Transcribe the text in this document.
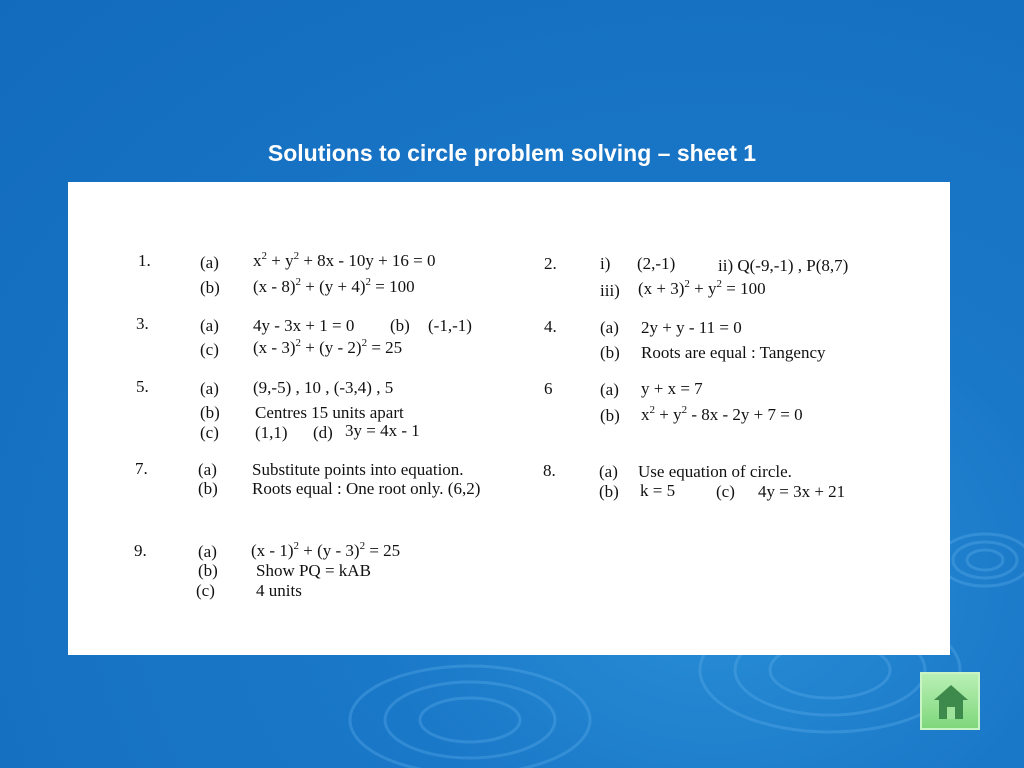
Solutions to circle problem solving – sheet 1
1.	(a) $x^2 + y^2 + 8x - 10y + 16 = 0$
(b) $(x - 8)^2 + (y + 4)^2 = 100$
2.	i) (2,-1)	ii) Q(-9,-1) , P(8,7)
iii) $(x + 3)^2 + y^2 = 100$
3.	(a) 4y - 3x + 1 = 0 (b) (-1,-1)
(c) (x - 3)$^2$ + (y - 2)$^2$ = 25
4.	(a) 2y + y - 11 = 0
(b) Roots are equal : Tangency
5.	(a) (9,-5) , 10 , (-3,4) , 5
(b) Centres 15 units apart
(c) (1,1) (d) 3y = 4x - 1
6	(a) y + x = 7
(b) $x^2 + y^2 - 8x - 2y + 7 = 0$
7.	(a) Substitute points into equation.
(b) Roots equal : One root only. (6,2)
8.	(a) Use equation of circle.
(b) k = 5 (c) 4y = 3x + 21
9.	(a) (x - 1)$^2$ + (y - 3)$^2$ = 25
(b) Show PQ = kAB
(c) 4 units
